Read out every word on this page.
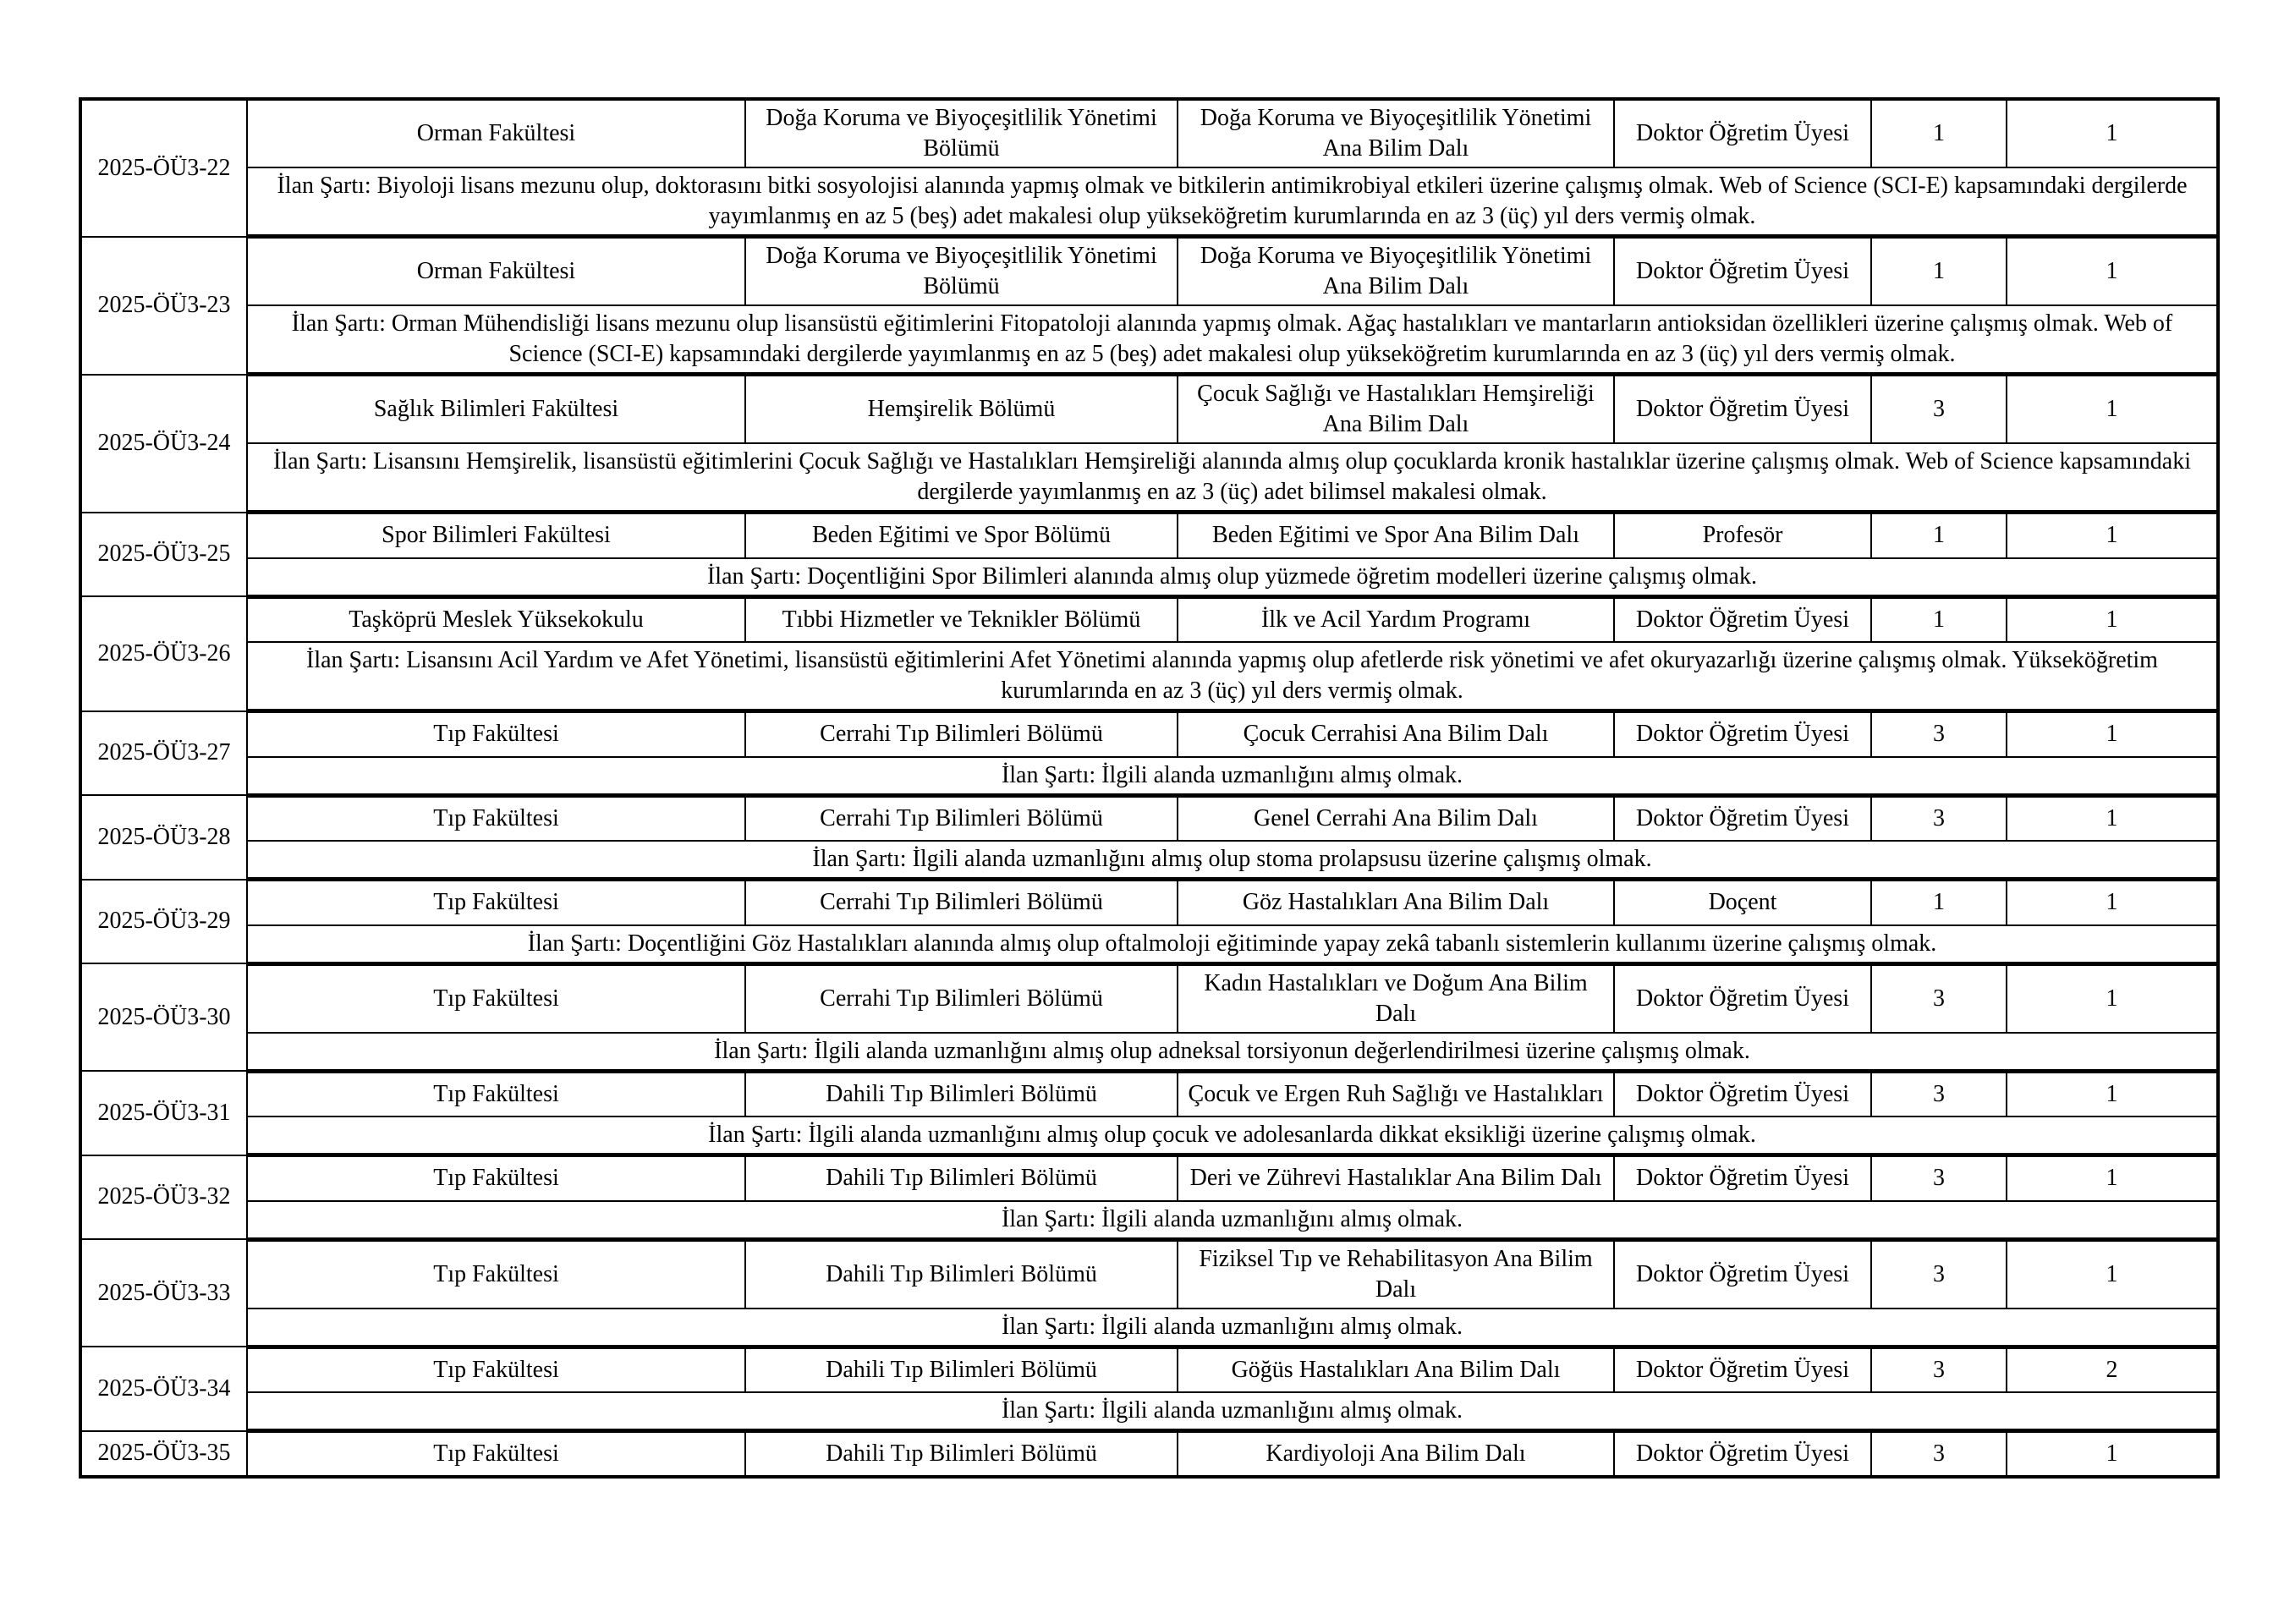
2025-ÖÜ3-22	Orman Fakültesi	Doğa Koruma ve Biyoçeşitlilik Yönetimi Bölümü	Doğa Koruma ve Biyoçeşitlilik Yönetimi Ana Bilim Dalı	Doktor Öğretim Üyesi	1	1
	İlan Şartı: Biyoloji lisans mezunu olup, doktorasını bitki sosyolojisi alanında yapmış olmak ve bitkilerin antimikrobiyal etkileri üzerine çalışmış olmak. Web of Science (SCI-E) kapsamındaki dergilerde yayımlanmış en az 5 (beş) adet makalesi olup yükseköğretim kurumlarında en az 3 (üç) yıl ders vermiş olmak.					
2025-ÖÜ3-23	Orman Fakültesi	Doğa Koruma ve Biyoçeşitlilik Yönetimi Bölümü	Doğa Koruma ve Biyoçeşitlilik Yönetimi Ana Bilim Dalı	Doktor Öğretim Üyesi	1	1
	İlan Şartı: Orman Mühendisliği lisans mezunu olup lisansüstü eğitimlerini Fitopatoloji alanında yapmış olmak. Ağaç hastalıkları ve mantarların antioksidan özellikleri üzerine çalışmış olmak. Web of Science (SCI-E) kapsamındaki dergilerde yayımlanmış en az 5 (beş) adet makalesi olup yükseköğretim kurumlarında en az 3 (üç) yıl ders vermiş olmak.					
2025-ÖÜ3-24	Sağlık Bilimleri Fakültesi	Hemşirelik Bölümü	Çocuk Sağlığı ve Hastalıkları Hemşireliği Ana Bilim Dalı	Doktor Öğretim Üyesi	3	1
	İlan Şartı: Lisansını Hemşirelik, lisansüstü eğitimlerini Çocuk Sağlığı ve Hastalıkları Hemşireliği alanında almış olup çocuklarda kronik hastalıklar üzerine çalışmış olmak. Web of Science kapsamındaki dergilerde yayımlanmış en az 3 (üç) adet bilimsel makalesi olmak.					
2025-ÖÜ3-25	Spor Bilimleri Fakültesi	Beden Eğitimi ve Spor Bölümü	Beden Eğitimi ve Spor Ana Bilim Dalı	Profesör	1	1
	İlan Şartı: Doçentliğini Spor Bilimleri alanında almış olup yüzmede öğretim modelleri üzerine çalışmış olmak.					
2025-ÖÜ3-26	Taşköprü Meslek Yüksekokulu	Tıbbi Hizmetler ve Teknikler Bölümü	İlk ve Acil Yardım Programı	Doktor Öğretim Üyesi	1	1
	İlan Şartı: Lisansını Acil Yardım ve Afet Yönetimi, lisansüstü eğitimlerini Afet Yönetimi alanında yapmış olup afetlerde risk yönetimi ve afet okuryazarlığı üzerine çalışmış olmak. Yükseköğretim kurumlarında en az 3 (üç) yıl ders vermiş olmak.					
2025-ÖÜ3-27	Tıp Fakültesi	Cerrahi Tıp Bilimleri Bölümü	Çocuk Cerrahisi Ana Bilim Dalı	Doktor Öğretim Üyesi	3	1
	İlan Şartı: İlgili alanda uzmanlığını almış olmak.					
2025-ÖÜ3-28	Tıp Fakültesi	Cerrahi Tıp Bilimleri Bölümü	Genel Cerrahi Ana Bilim Dalı	Doktor Öğretim Üyesi	3	1
	İlan Şartı: İlgili alanda uzmanlığını almış olup stoma prolapsusu üzerine çalışmış olmak.					
2025-ÖÜ3-29	Tıp Fakültesi	Cerrahi Tıp Bilimleri Bölümü	Göz Hastalıkları Ana Bilim Dalı	Doçent	1	1
	İlan Şartı: Doçentliğini Göz Hastalıkları alanında almış olup oftalmoloji eğitiminde yapay zekâ tabanlı sistemlerin kullanımı üzerine çalışmış olmak.					
2025-ÖÜ3-30	Tıp Fakültesi	Cerrahi Tıp Bilimleri Bölümü	Kadın Hastalıkları ve Doğum Ana Bilim Dalı	Doktor Öğretim Üyesi	3	1
	İlan Şartı: İlgili alanda uzmanlığını almış olup adneksal torsiyonun değerlendirilmesi üzerine çalışmış olmak.					
2025-ÖÜ3-31	Tıp Fakültesi	Dahili Tıp Bilimleri Bölümü	Çocuk ve Ergen Ruh Sağlığı ve Hastalıkları	Doktor Öğretim Üyesi	3	1
	İlan Şartı: İlgili alanda uzmanlığını almış olup çocuk ve adolesanlarda dikkat eksikliği üzerine çalışmış olmak.					
2025-ÖÜ3-32	Tıp Fakültesi	Dahili Tıp Bilimleri Bölümü	Deri ve Zührevi Hastalıklar Ana Bilim Dalı	Doktor Öğretim Üyesi	3	1
	İlan Şartı: İlgili alanda uzmanlığını almış olmak.					
2025-ÖÜ3-33	Tıp Fakültesi	Dahili Tıp Bilimleri Bölümü	Fiziksel Tıp ve Rehabilitasyon Ana Bilim Dalı	Doktor Öğretim Üyesi	3	1
	İlan Şartı: İlgili alanda uzmanlığını almış olmak.					
2025-ÖÜ3-34	Tıp Fakültesi	Dahili Tıp Bilimleri Bölümü	Göğüs Hastalıkları Ana Bilim Dalı	Doktor Öğretim Üyesi	3	2
	İlan Şartı: İlgili alanda uzmanlığını almış olmak.					
2025-ÖÜ3-35	Tıp Fakültesi	Dahili Tıp Bilimleri Bölümü	Kardiyoloji Ana Bilim Dalı	Doktor Öğretim Üyesi	3	1
